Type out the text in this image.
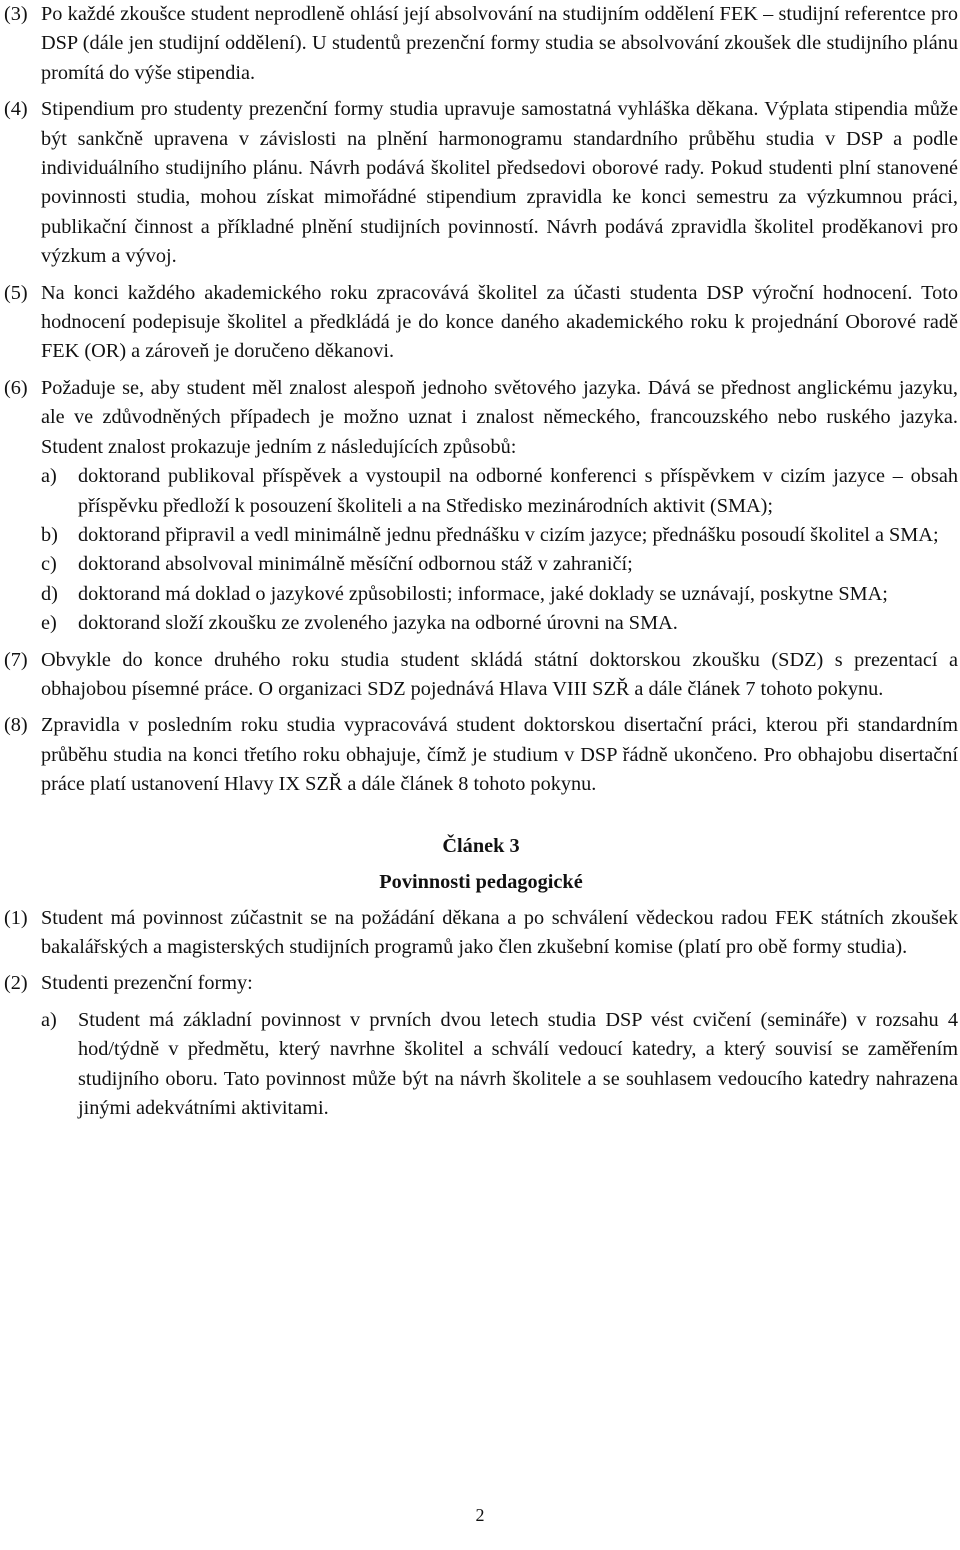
(3) Po každé zkoušce student neprodleně ohlásí její absolvování na studijním oddělení FEK – studijní referentce pro DSP (dále jen studijní oddělení). U studentů prezenční formy studia se absolvování zkoušek dle studijního plánu promítá do výše stipendia.
(4) Stipendium pro studenty prezenční formy studia upravuje samostatná vyhláška děkana. Výplata stipendia může být sankčně upravena v závislosti na plnění harmonogramu standardního průběhu studia v DSP a podle individuálního studijního plánu. Návrh podává školitel předsedovi oborové rady. Pokud studenti plní stanovené povinnosti studia, mohou získat mimořádné stipendium zpravidla ke konci semestru za výzkumnou práci, publikační činnost a příkladné plnění studijních povinností. Návrh podává zpravidla školitel proděkanovi pro výzkum a vývoj.
(5) Na konci každého akademického roku zpracovává školitel za účasti studenta DSP výroční hodnocení. Toto hodnocení podepisuje školitel a předkládá je do konce daného akademického roku k projednání Oborové radě FEK (OR) a zároveň je doručeno děkanovi.
(6) Požaduje se, aby student měl znalost alespoň jednoho světového jazyka. Dává se přednost anglickému jazyku, ale ve zdůvodněných případech je možno uznat i znalost německého, francouzského nebo ruského jazyka. Student znalost prokazuje jedním z následujících způsobů:
a) doktorand publikoval příspěvek a vystoupil na odborné konferenci s příspěvkem v cizím jazyce – obsah příspěvku předloží k posouzení školiteli a na Středisko mezinárodních aktivit (SMA);
b) doktorand připravil a vedl minimálně jednu přednášku v cizím jazyce; přednášku posoudí školitel a SMA;
c) doktorand absolvoval minimálně měsíční odbornou stáž v zahraničí;
d) doktorand má doklad o jazykové způsobilosti; informace, jaké doklady se uznávají, poskytne SMA;
e) doktorand složí zkoušku ze zvoleného jazyka na odborné úrovni na SMA.
(7) Obvykle do konce druhého roku studia student skládá státní doktorskou zkoušku (SDZ) s prezentací a obhajobou písemné práce. O organizaci SDZ pojednává Hlava VIII SZŘ a dále článek 7 tohoto pokynu.
(8) Zpravidla v posledním roku studia vypracovává student doktorskou disertační práci, kterou při standardním průběhu studia na konci třetího roku obhajuje, čímž je studium v DSP řádně ukončeno. Pro obhajobu disertační práce platí ustanovení Hlavy IX SZŘ a dále článek 8 tohoto pokynu.
Článek 3
Povinnosti pedagogické
(1) Student má povinnost zúčastnit se na požádání děkana a po schválení vědeckou radou FEK státních zkoušek bakalářských a magisterských studijních programů jako člen zkušební komise (platí pro obě formy studia).
(2) Studenti prezenční formy:
a) Student má základní povinnost v prvních dvou letech studia DSP vést cvičení (semináře) v rozsahu 4 hod/týdně v předmětu, který navrhne školitel a schválí vedoucí katedry, a který souvisí se zaměřením studijního oboru. Tato povinnost může být na návrh školitele a se souhlasem vedoucího katedry nahrazena jinými adekvátními aktivitami.
2
